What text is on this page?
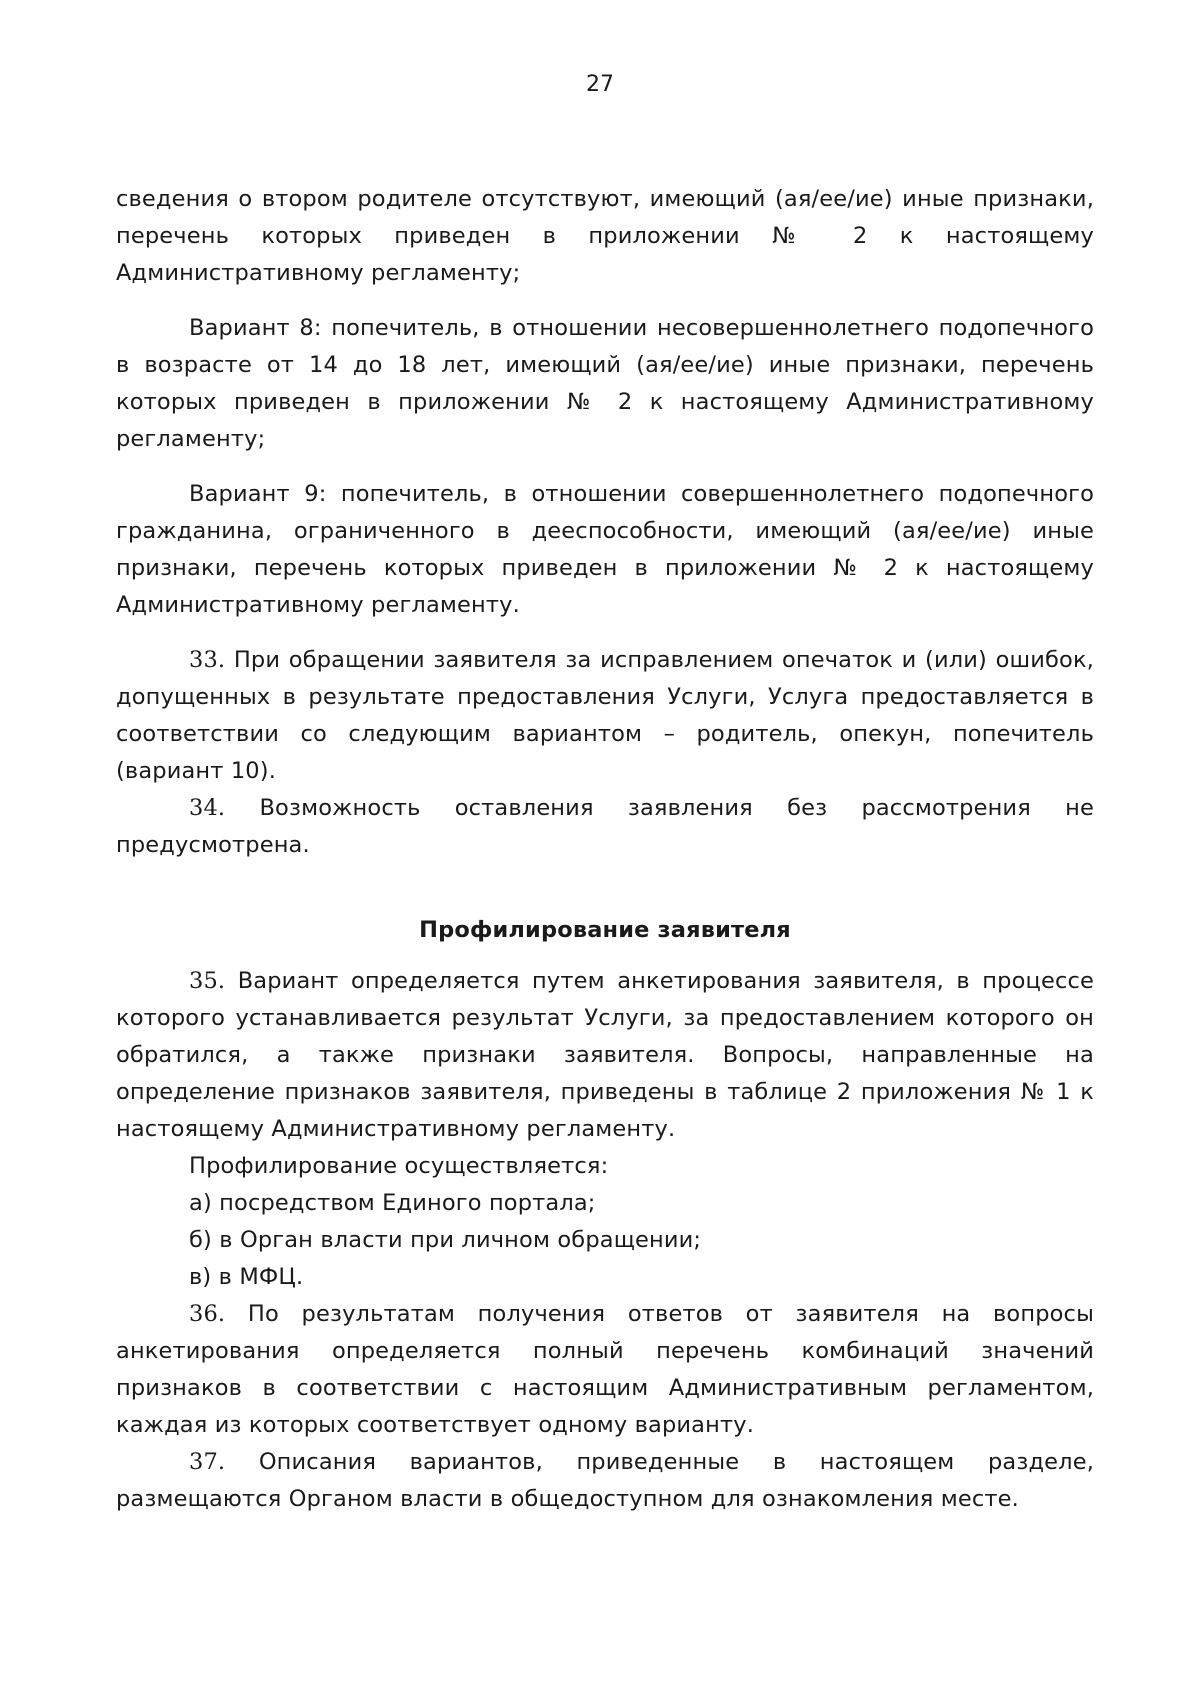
27

сведения о втором родителе отсутствуют, имеющий (ая/ее/ие) иные признаки, перечень которых приведен в приложении № 2 к настоящему Административному регламенту;

Вариант 8: попечитель, в отношении несовершеннолетнего подопечного в возрасте от 14 до 18 лет, имеющий (ая/ее/ие) иные признаки, перечень которых приведен в приложении № 2 к настоящему Административному регламенту;

Вариант 9: попечитель, в отношении совершеннолетнего подопечного гражданина, ограниченного в дееспособности, имеющий (ая/ее/ие) иные признаки, перечень которых приведен в приложении № 2 к настоящему Административному регламенту.

33. При обращении заявителя за исправлением опечаток и (или) ошибок, допущенных в результате предоставления Услуги, Услуга предоставляется в соответствии со следующим вариантом – родитель, опекун, попечитель (вариант 10).

34. Возможность оставления заявления без рассмотрения не предусмотрена.

Профилирование заявителя

35. Вариант определяется путем анкетирования заявителя, в процессе которого устанавливается результат Услуги, за предоставлением которого он обратился, а также признаки заявителя. Вопросы, направленные на определение признаков заявителя, приведены в таблице 2 приложения № 1 к настоящему Административному регламенту.

Профилирование осуществляется:

а) посредством Единого портала;

б) в Орган власти при личном обращении;

в) в МФЦ.

36. По результатам получения ответов от заявителя на вопросы анкетирования определяется полный перечень комбинаций значений признаков в соответствии с настоящим Административным регламентом, каждая из которых соответствует одному варианту.

37. Описания вариантов, приведенные в настоящем разделе, размещаются Органом власти в общедоступном для ознакомления месте.
